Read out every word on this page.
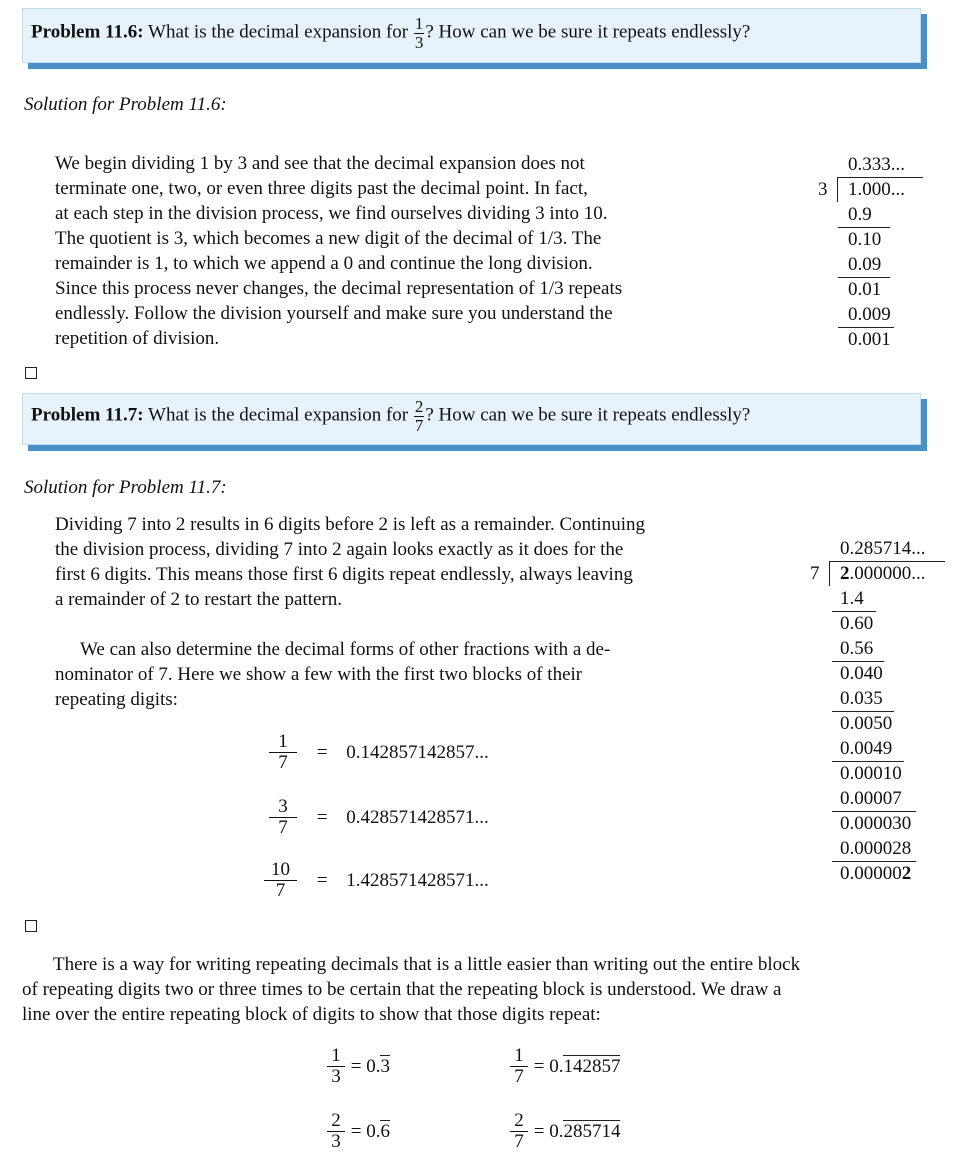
Problem 11.6: What is the decimal expansion for $\frac{1}{3}$ ? How can we be sure it repeats endlessly?
Solution for Problem 11.6:
We begin dividing 1 by 3 and see that the decimal expansion does not
terminate one, two, or even three digits past the decimal point. In fact,
at each step in the division process, we find ourselves dividing 3 into 10.
The quotient is 3, which becomes a new digit of the decimal of 1/3. The
remainder is 1, to which we append a 0 and continue the long division.
Since this process never changes, the decimal representation of 1/3 repeats
endlessly. Follow the division yourself and make sure you understand the
repetition of division.
0.333...
3 1.000...
0.9
0.10
0.09
0.01
0.009
0.001
Problem 11.7: What is the decimal expansion for $\frac{2}{7}$ ? How can we be sure it repeats endlessly?
Solution for Problem 11.7:
Dividing 7 into 2 results in 6 digits before 2 is left as a remainder. Continuing
the division process, dividing 7 into 2 again looks exactly as it does for the
first 6 digits. This means those first 6 digits repeat endlessly, always leaving
a remainder of 2 to restart the pattern.
We can also determine the decimal forms of other fractions with a de-
nominator of 7. Here we show a few with the first two blocks of their
repeating digits:
$\frac{1}{7} = 0.142857142857$...
$\frac{3}{7} = 0.428571428571$...
$\frac{10}{7} = 1.428571428571$...
0.285714...
7 2.000000...
1.4
0.60
0.56
0.040
0.035
0.0050
0.0049
0.00010
0.00007
0.000030
0.000028
0.000002
There is a way for writing repeating decimals that is a little easier than writing out the entire block
of repeating digits two or three times to be certain that the repeating block is understood. We draw a
line over the entire repeating block of digits to show that those digits repeat:
$\frac{1}{3} = 0.3$	$\frac{1}{7} = 0.142857$
$\frac{2}{3} = 0.6$	$\frac{2}{7} = 0.285714$
